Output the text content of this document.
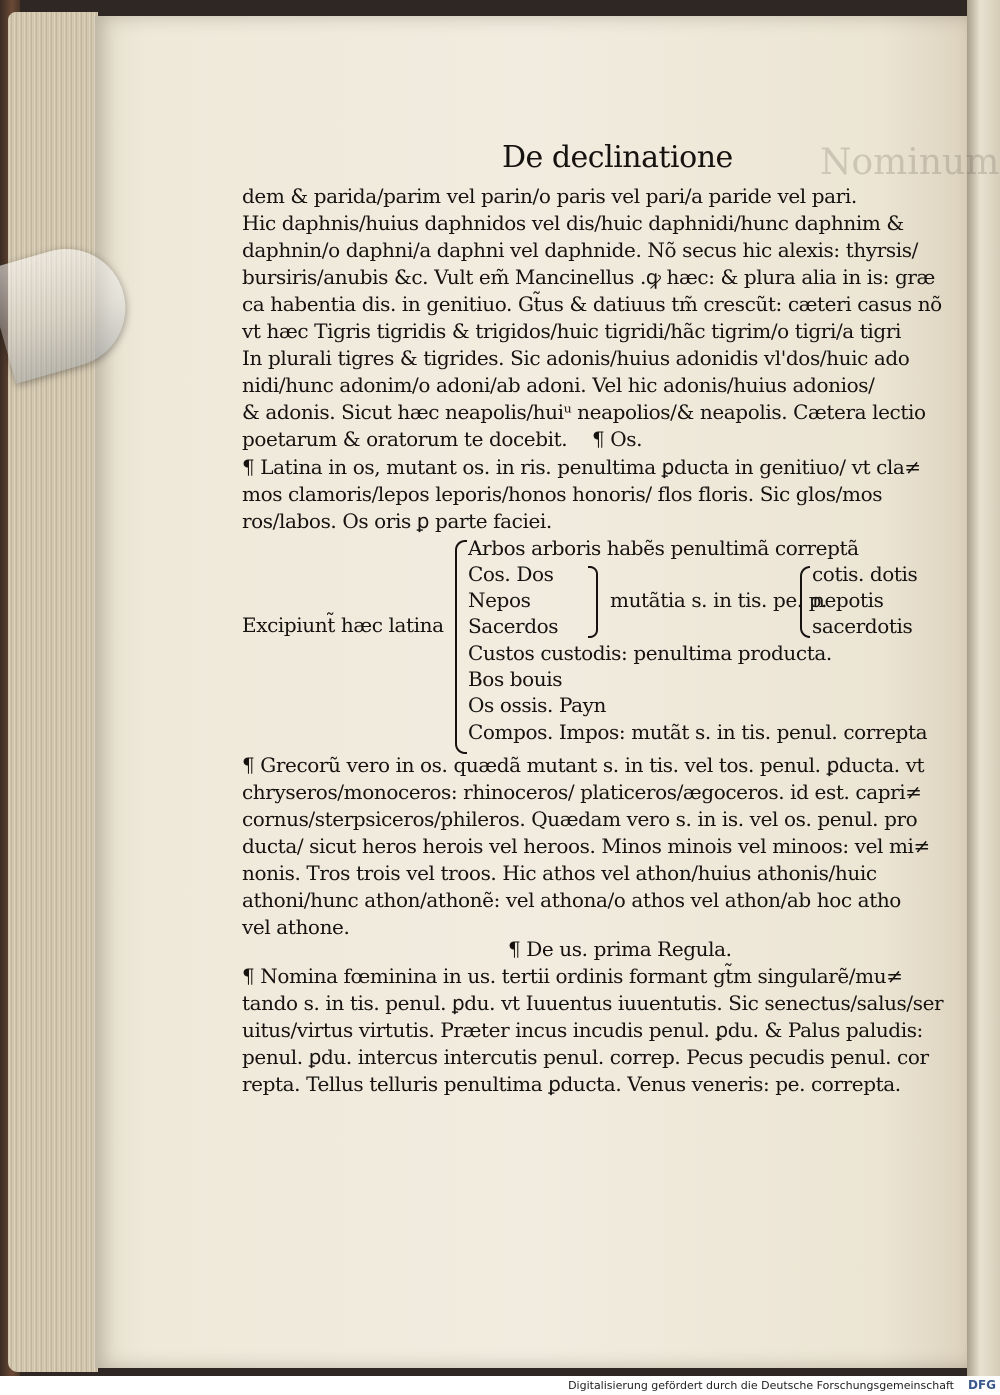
Nominum
De declinatione
dem & parida/parim vel parin/o paris vel pari/a paride vel pari.
Hic daphnis/huius daphnidos vel dis/huic daphnidi/hunc daphnim &
daphnin/o daphni/a daphni vel daphnide. Nõ secus hic alexis: thyrsis/
bursiris/anubis &c. Vult em̃ Mancinellus .ꝙ hæc: & plura alia in is: græ
ca habentia dis. in genitiuo. Gt̃us & datiuus tm̃ crescũt: cæteri casus nõ
vt hæc Tigris tigridis & trigidos/huic tigridi/hãc tigrim/o tigri/a tigri
In plurali tigres & tigrides. Sic adonis/huius adonidis vl'dos/huic ado
nidi/hunc adonim/o adoni/ab adoni. Vel hic adonis/huius adonios/
& adonis. Sicut hæc neapolis/huiᵘ neapolios/& neapolis. Cætera lectio
poetarum & oratorum te docebit. ¶ Os.
¶ Latina in os, mutant os. in ris. penultima ꝑducta in genitiuo/ vt cla≠
mos clamoris/lepos leporis/honos honoris/ flos floris. Sic glos/mos
ros/labos. Os oris ꝑ parte faciei.
Excipiunt̃ hæc latina
Arbos arboris habẽs penultimã correptã
Cos. Dos
Nepos
Sacerdos
mutãtia s. in tis. pe. p.
cotis. dotis
nepotis
sacerdotis
Custos custodis: penultima producta.
Bos bouis
Os ossis. Payn
Compos. Impos: mutãt s. in tis. penul. correpta
¶ Grecorũ vero in os. quædã mutant s. in tis. vel tos. penul. ꝑducta. vt
chryseros/monoceros: rhinoceros/ platiceros/ægoceros. id est. capri≠
cornus/sterpsiceros/phileros. Quædam vero s. in is. vel os. penul. pro
ducta/ sicut heros herois vel heroos. Minos minois vel minoos: vel mi≠
nonis. Tros trois vel troos. Hic athos vel athon/huius athonis/huic
athoni/hunc athon/athonẽ: vel athona/o athos vel athon/ab hoc atho
vel athone.
¶ De us. prima Regula.
¶ Nomina fœminina in us. tertii ordinis formant gt̃m singularẽ/mu≠
tando s. in tis. penul. ꝑdu. vt Iuuentus iuuentutis. Sic senectus/salus/ser
uitus/virtus virtutis. Præter incus incudis penul. ꝑdu. & Palus paludis:
penul. ꝑdu. intercus intercutis penul. correp. Pecus pecudis penul. cor
repta. Tellus telluris penultima ꝑducta. Venus veneris: pe. correpta.
Digitalisierung gefördert durch die Deutsche Forschungsgemeinschaft DFG
